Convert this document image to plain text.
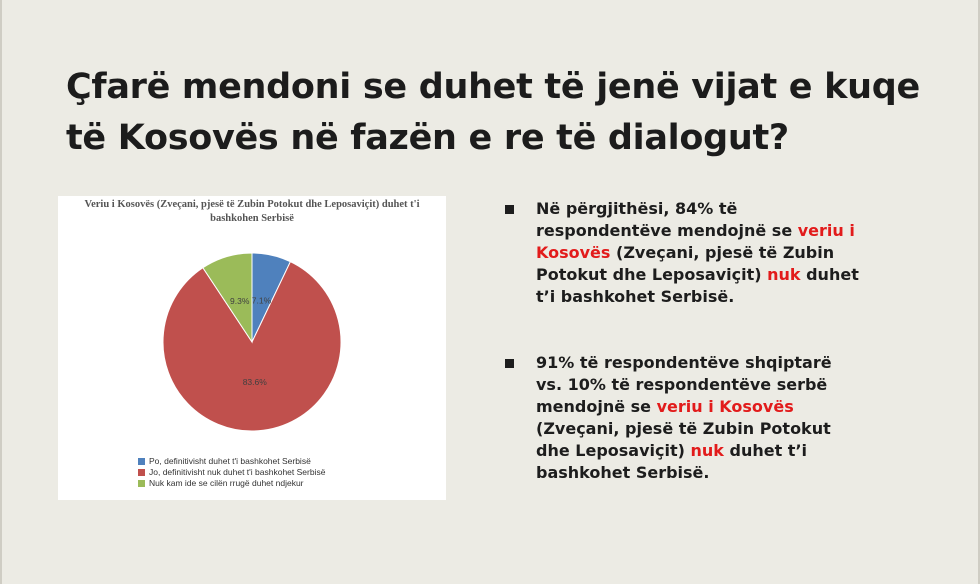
Çfarë mendoni se duhet të jenë vijat e kuqe të Kosovës në fazën e re të dialogut?
7.1%
83.6%
9.3%
Veriu i Kosovës (Zveçani, pjesë të Zubin Potokut dhe Leposaviçit) duhet t'i bashkohen Serbisë
Po, definitivisht duhet t'i bashkohet Serbisë
Jo, definitivisht nuk duhet t'i bashkohet Serbisë
Nuk kam ide se cilën rrugë duhet ndjekur
Në përgjithësi, 84% të respondentëve mendojnë se veriu i Kosovës (Zveçani, pjesë të Zubin Potokut dhe Leposaviçit) nuk duhet t’i bashkohet Serbisë.
91% të respondentëve shqiptarë vs. 10% të respondentëve serbë mendojnë se veriu i Kosovës (Zveçani, pjesë të Zubin Potokut dhe Leposaviçit) nuk duhet t’i bashkohet Serbisë.
